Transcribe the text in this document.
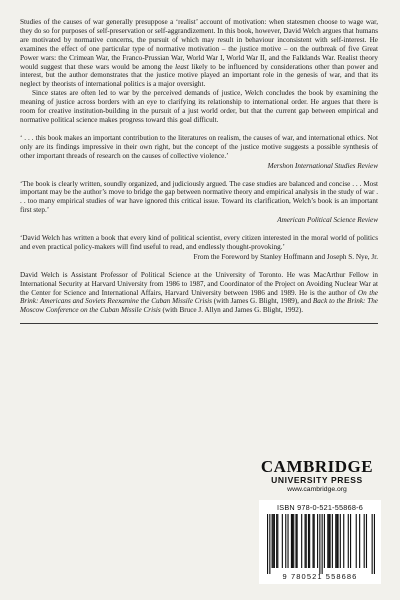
Studies of the causes of war generally presuppose a ‘realist’ account of motivation: when statesmen choose to wage war, they do so for purposes of self-preservation or self-aggrandizement. In this book, however, David Welch argues that humans are motivated by normative concerns, the pursuit of which may result in behaviour inconsistent with self-interest. He examines the effect of one particular type of normative motivation – the justice motive – on the outbreak of five Great Power wars: the Crimean War, the Franco-Prussian War, World War I, World War II, and the Falklands War. Realist theory would suggest that these wars would be among the least likely to be influenced by considerations other than power and interest, but the author demonstrates that the justice motive played an important role in the genesis of war, and that its neglect by theorists of international politics is a major oversight.

Since states are often led to war by the perceived demands of justice, Welch concludes the book by examining the meaning of justice across borders with an eye to clarifying its relationship to international order. He argues that there is room for creative institution-building in the pursuit of a just world order, but that the current gap between empirical and normative political science makes progress toward this goal difficult.

‘ . . . this book makes an important contribution to the literatures on realism, the causes of war, and international ethics. Not only are its findings impressive in their own right, but the concept of the justice motive suggests a possible synthesis of other important threads of research on the causes of collective violence.’

Mershon International Studies Review

‘The book is clearly written, soundly organized, and judiciously argued. The case studies are balanced and concise . . . Most important may be the author’s move to bridge the gap between normative theory and empirical analysis in the study of war . . . too many empirical studies of war have ignored this critical issue. Toward its clarification, Welch’s book is an important first step.’

American Political Science Review

‘David Welch has written a book that every kind of political scientist, every citizen interested in the moral world of politics and even practical policy-makers will find useful to read, and endlessly thought-provoking.’

From the Foreword by Stanley Hoffmann and Joseph S. Nye, Jr.

David Welch is Assistant Professor of Political Science at the University of Toronto. He was MacArthur Fellow in International Security at Harvard University from 1986 to 1987, and Coordinator of the Project on Avoiding Nuclear War at the Center for Science and International Affairs, Harvard University between 1986 and 1989. He is the author of On the Brink: Americans and Soviets Reexamine the Cuban Missile Crisis (with James G. Blight, 1989), and Back to the Brink: The Moscow Conference on the Cuban Missile Crisis (with Bruce J. Allyn and James G. Blight, 1992).

CAMBRIDGE
UNIVERSITY PRESS
www.cambridge.org
ISBN 978-0-521-55868-6
9 780521 558686
